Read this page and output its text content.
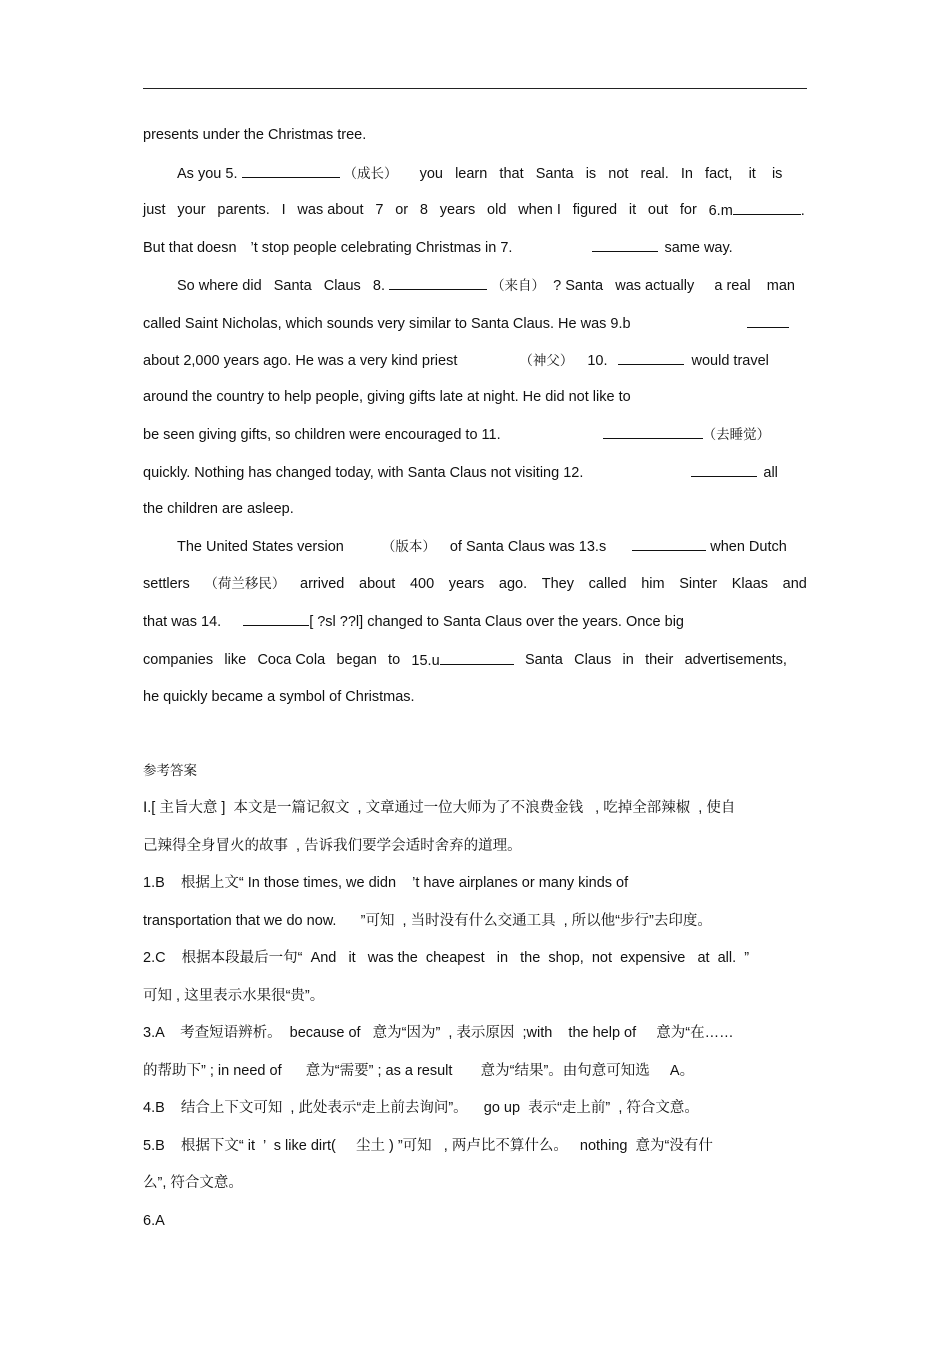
presents under the Christmas tree.
As you 5.	（成长） you learn that Santa is not real. In fact, it is
just your parents. I was about 7 or 8 years old when I figured it out for 6.m	.
But that doesn ’t stop people celebrating Christmas in 7.	same way.
So where did Santa Claus 8.	（来自） ? Santa was actually a real man
called Saint Nicholas, which sounds very similar to Santa Claus. He was 9.b
about 2,000 years ago. He was a very kind priest	（神父） 10.	would travel
around the country to help people, giving gifts late at night. He did not like to
be seen giving gifts, so children were encouraged to 11.	（去睡觉）
quickly. Nothing has changed today, with Santa Claus not visiting 12.	all
the children are asleep.
The United States version	（版本） of Santa Claus was 13.s	when Dutch
settlers （荷兰移民） arrived about 400 years ago. They called him Sinter Klaas and
that was 14.	[ ?sl ??l] changed to Santa Claus over the years. Once big
companies like Coca Cola began to 15.u	Santa Claus in their advertisements,
he quickly became a symbol of Christmas.
参考答案
Ⅰ.[ 主旨大意 ]  本文是一篇记叙文  , 文章通过一位大师为了不浪费金钱   , 吃掉全部辣椒  , 使自
己辣得全身冒火的故事  , 告诉我们要学会适时舍弃的道理。
1.B    根据上文“ In those times, we didn    ’t have airplanes or many kinds of
transportation that we do now.      ”可知  , 当时没有什么交通工具  , 所以他“步行”去印度。
2.C    根据本段最后一句“  And   it   was the  cheapest   in   the  shop,  not  expensive   at  all.  ”
可知 , 这里表示水果很“贵”。
3.A    考查短语辨析。  because of   意为“因为”  , 表示原因  ;with    the help of     意为“在……
的帮助下” ; in need of      意为“需要” ; as a result       意为“结果”。由句意可知选     A。
4.B    结合上下文可知  , 此处表示“走上前去询问”。    go up  表示“走上前”  , 符合文意。
5.B    根据下文“ it  ’  s like dirt(     尘土 ) ”可知   , 两卢比不算什么。   nothing  意为“没有什
么”, 符合文意。
6.A
